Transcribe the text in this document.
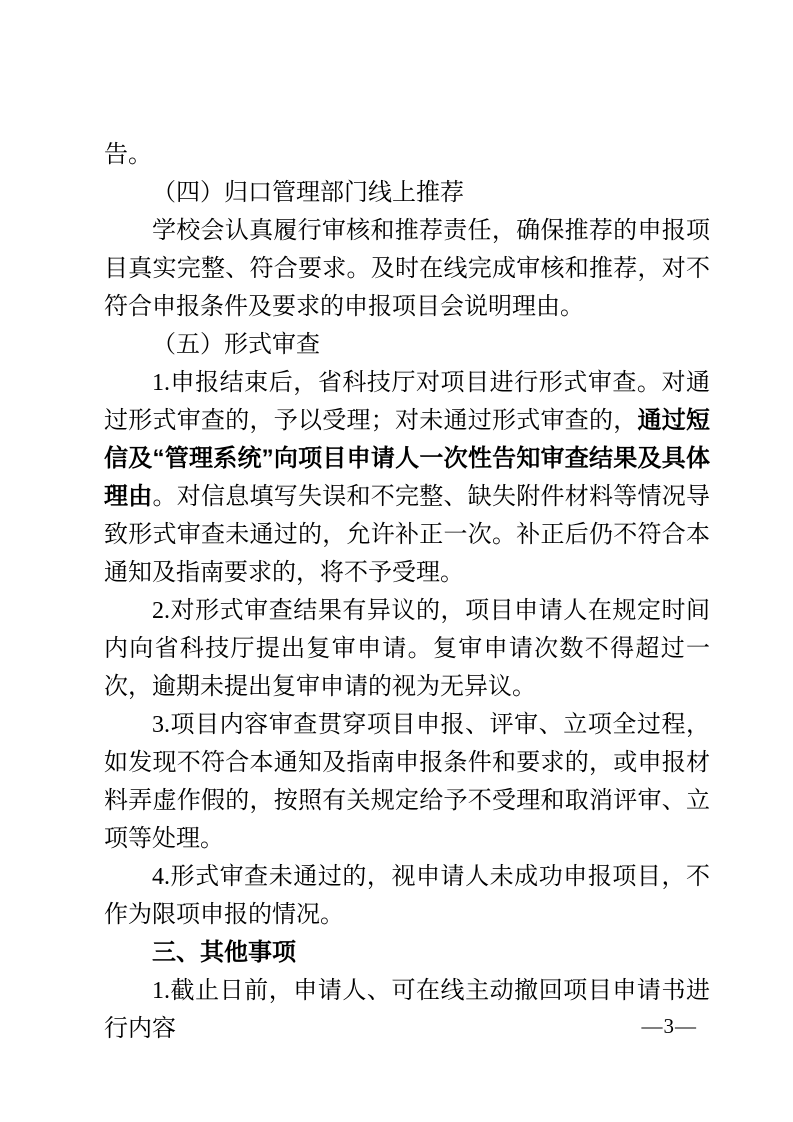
告。

（四）归口管理部门线上推荐

学校会认真履行审核和推荐责任，确保推荐的申报项目真实完整、符合要求。及时在线完成审核和推荐，对不符合申报条件及要求的申报项目会说明理由。

（五）形式审查

1.申报结束后，省科技厅对项目进行形式审查。对通过形式审查的，予以受理；对未通过形式审查的，通过短信及“管理系统”向项目申请人一次性告知审查结果及具体理由。对信息填写失误和不完整、缺失附件材料等情况导致形式审查未通过的，允许补正一次。补正后仍不符合本通知及指南要求的，将不予受理。

2.对形式审查结果有异议的，项目申请人在规定时间内向省科技厅提出复审申请。复审申请次数不得超过一次，逾期未提出复审申请的视为无异议。

3.项目内容审查贯穿项目申报、评审、立项全过程，如发现不符合本通知及指南申报条件和要求的，或申报材料弄虚作假的，按照有关规定给予不受理和取消评审、立项等处理。

4.形式审查未通过的，视申请人未成功申报项目，不作为限项申报的情况。

三、其他事项

1.截止日前，申请人、可在线主动撤回项目申请书进行内容	—3—
